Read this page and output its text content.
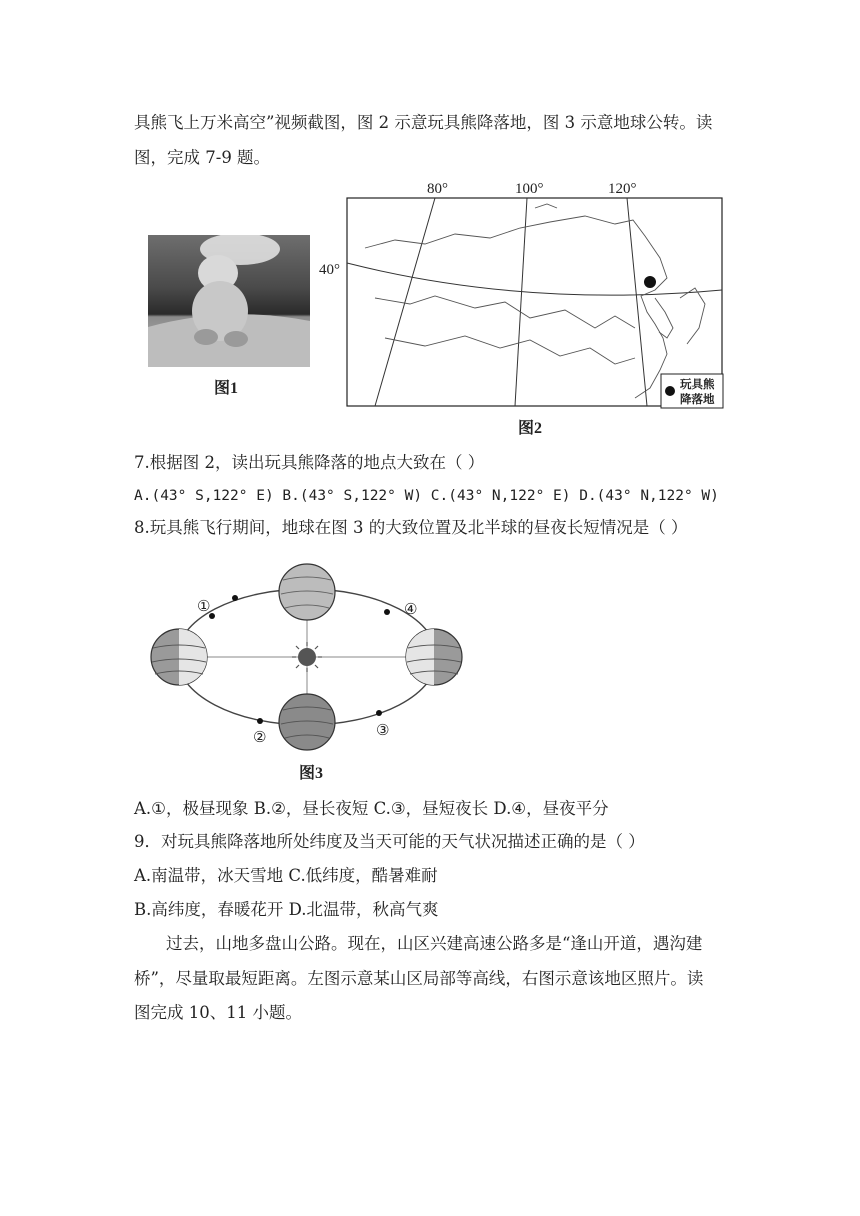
具熊飞上万米高空”视频截图，图 2 示意玩具熊降落地，图 3 示意地球公转。读
图，完成 7-9 题。
图1
80°	100°	120°
40°
玩具熊
降落地
图2
7.根据图 2，读出玩具熊降落的地点大致在（ ）
A.(43° S,122° E) B.(43° S,122° W) C.(43° N,122° E) D.(43° N,122° W)
8.玩具熊飞行期间，地球在图 3 的大致位置及北半球的昼夜长短情况是（ ）
①	④
②	③
图3
A.①，极昼现象 B.②，昼长夜短 C.③，昼短夜长 D.④，昼夜平分
9．对玩具熊降落地所处纬度及当天可能的天气状况描述正确的是（ ）
A.南温带，冰天雪地 C.低纬度，酷暑难耐
B.高纬度，春暖花开 D.北温带，秋高气爽
过去，山地多盘山公路。现在，山区兴建高速公路多是“逢山开道，遇沟建
桥”，尽量取最短距离。左图示意某山区局部等高线，右图示意该地区照片。读
图完成 10、11 小题。
